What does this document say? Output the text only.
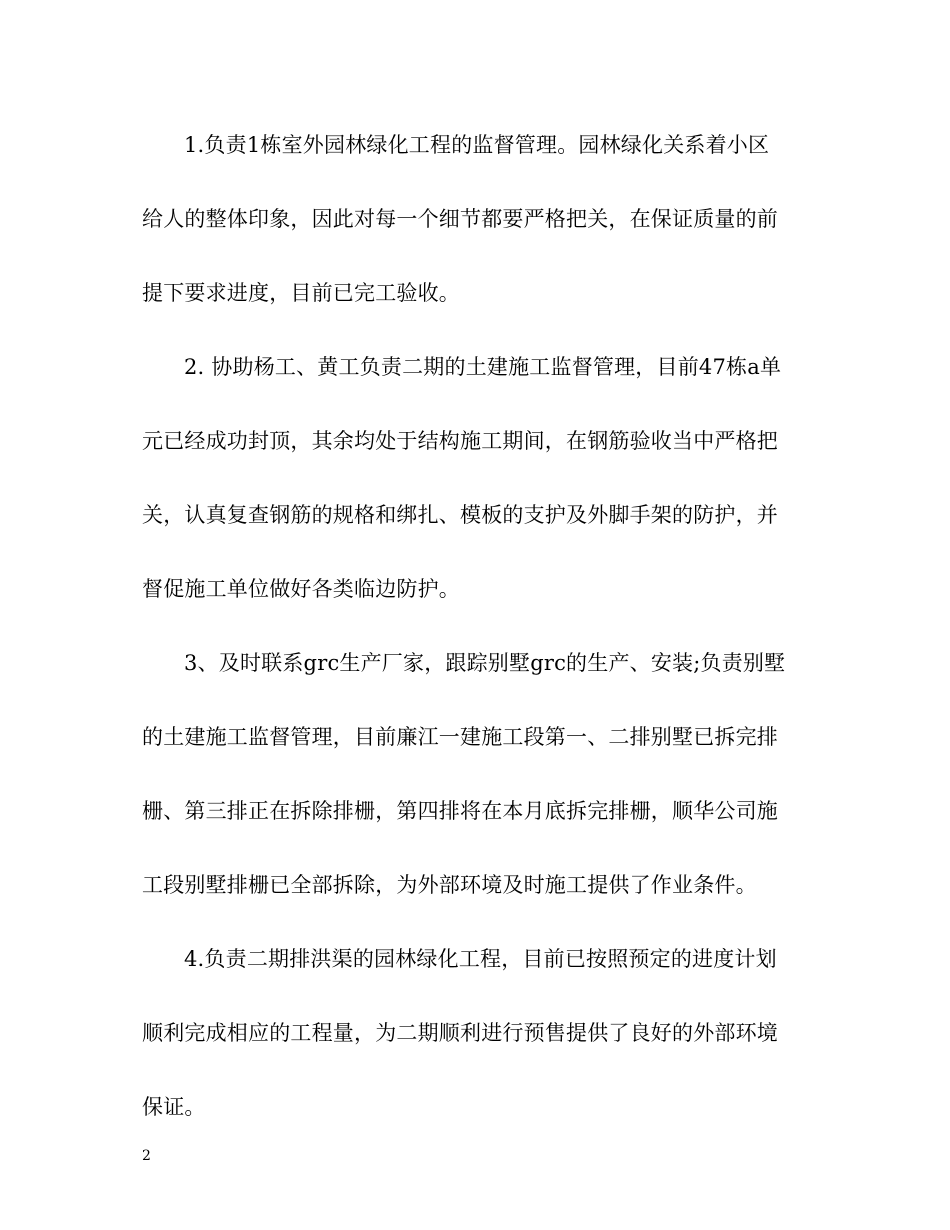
1.负责1栋室外园林绿化工程的监督管理。园林绿化关系着小区
给人的整体印象，因此对每一个细节都要严格把关，在保证质量的前
提下要求进度，目前已完工验收。
2. 协助杨工、黄工负责二期的土建施工监督管理，目前47栋a单
元已经成功封顶，其余均处于结构施工期间，在钢筋验收当中严格把
关，认真复查钢筋的规格和绑扎、模板的支护及外脚手架的防护，并
督促施工单位做好各类临边防护。
3、及时联系grc生产厂家，跟踪别墅grc的生产、安装;负责别墅
的土建施工监督管理，目前廉江一建施工段第一、二排别墅已拆完排
栅、第三排正在拆除排栅，第四排将在本月底拆完排栅，顺华公司施
工段别墅排栅已全部拆除，为外部环境及时施工提供了作业条件。
4.负责二期排洪渠的园林绿化工程，目前已按照预定的进度计划
顺利完成相应的工程量，为二期顺利进行预售提供了良好的外部环境
保证。
2
